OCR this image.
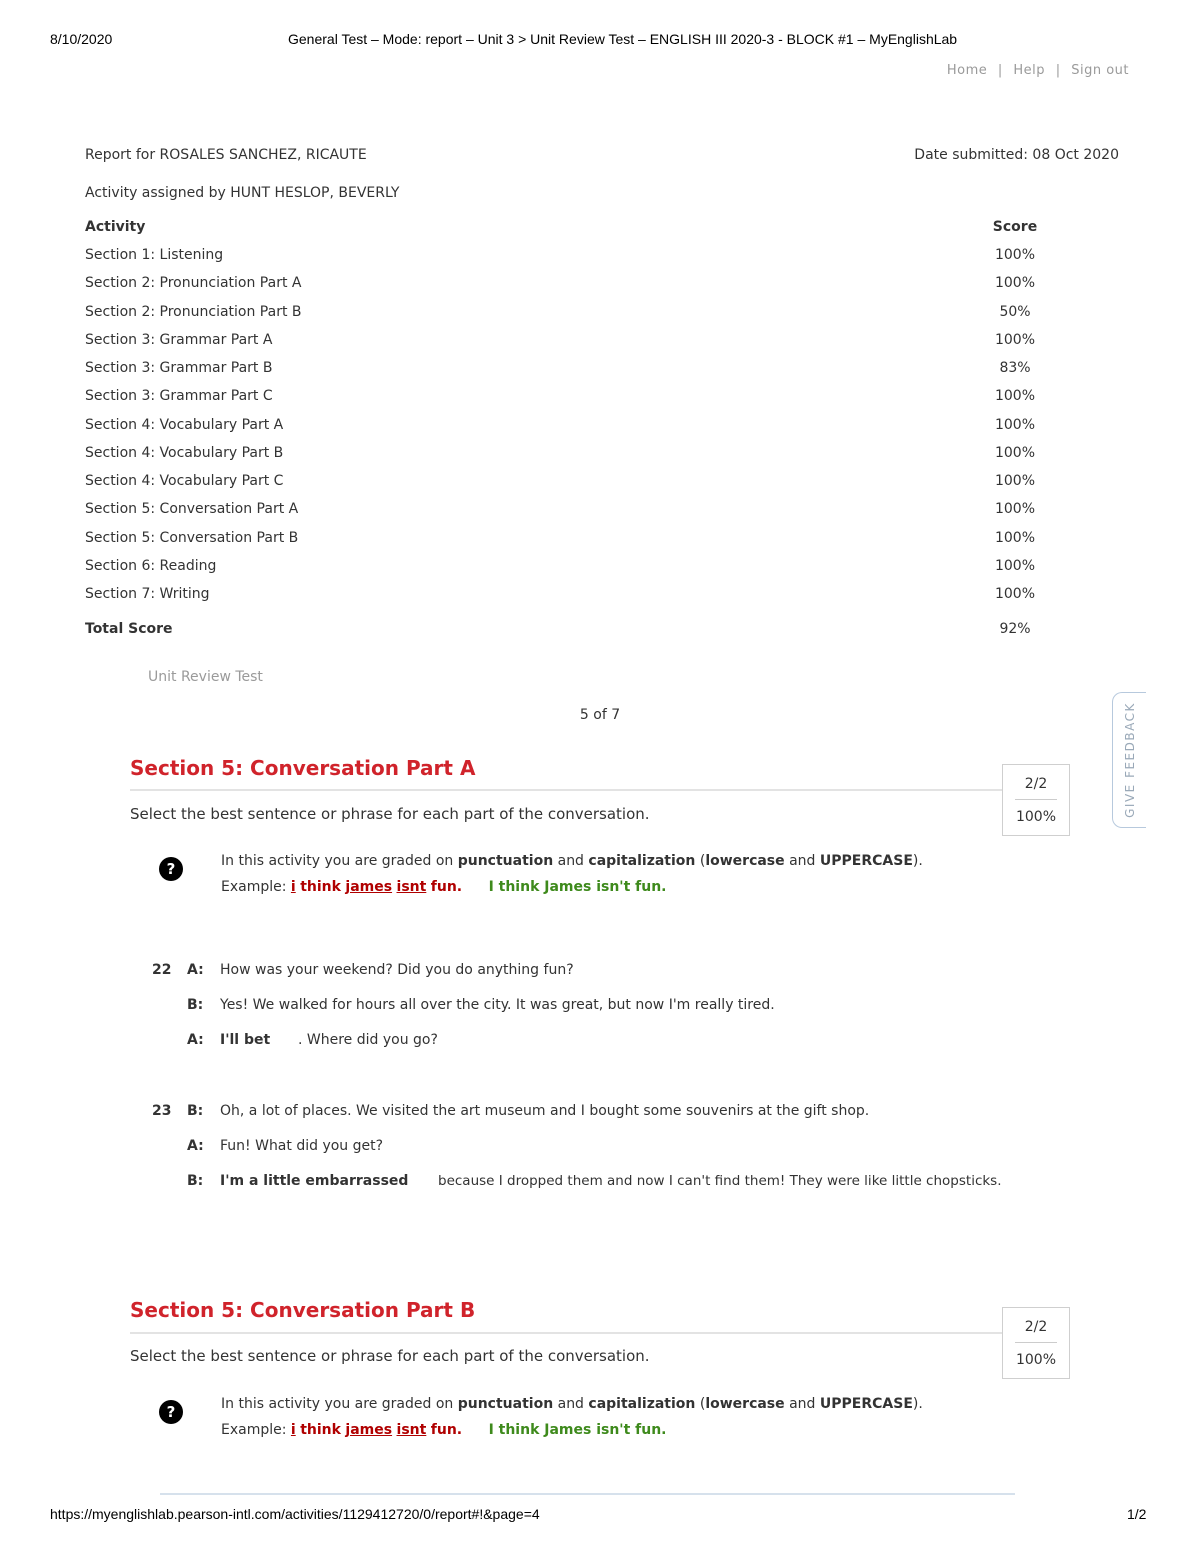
8/10/2020	General Test – Mode: report – Unit 3 > Unit Review Test – ENGLISH III 2020-3 - BLOCK #1 – MyEnglishLab
https://myenglishlab.pearson-intl.com/activities/1129412720/0/report#!&page=4	1/2
Home | Help | Sign out
Report for ROSALES SANCHEZ, RICAUTE	Date submitted: 08 Oct 2020
Activity assigned by HUNT HESLOP, BEVERLY
Activity	Score
Section 1: Listening	100%
Section 2: Pronunciation Part A	100%
Section 2: Pronunciation Part B	50%
Section 3: Grammar Part A	100%
Section 3: Grammar Part B	83%
Section 3: Grammar Part C	100%
Section 4: Vocabulary Part A	100%
Section 4: Vocabulary Part B	100%
Section 4: Vocabulary Part C	100%
Section 5: Conversation Part A	100%
Section 5: Conversation Part B	100%
Section 6: Reading	100%
Section 7: Writing	100%
Total Score	92%
Unit Review Test
5 of 7	GIVE FEEDBACK
Section 5: Conversation Part A
Select the best sentence or phrase for each part of the conversation.
2/2
100%
?	In this activity you are graded on punctuation and capitalization (lowercase and UPPERCASE).
Example: i think james isnt fun. I think James isn't fun.
22 A: How was your weekend? Did you do anything fun?
B: Yes! We walked for hours all over the city. It was great, but now I'm really tired.
A: I'll bet . Where did you go?
23 B: Oh, a lot of places. We visited the art museum and I bought some souvenirs at the gift shop.
A: Fun! What did you get?
B: I'm a little embarrassed because I dropped them and now I can't find them! They were like little chopsticks.
Section 5: Conversation Part B
Select the best sentence or phrase for each part of the conversation.
2/2
100%
?	In this activity you are graded on punctuation and capitalization (lowercase and UPPERCASE).
Example: i think james isnt fun. I think James isn't fun.
